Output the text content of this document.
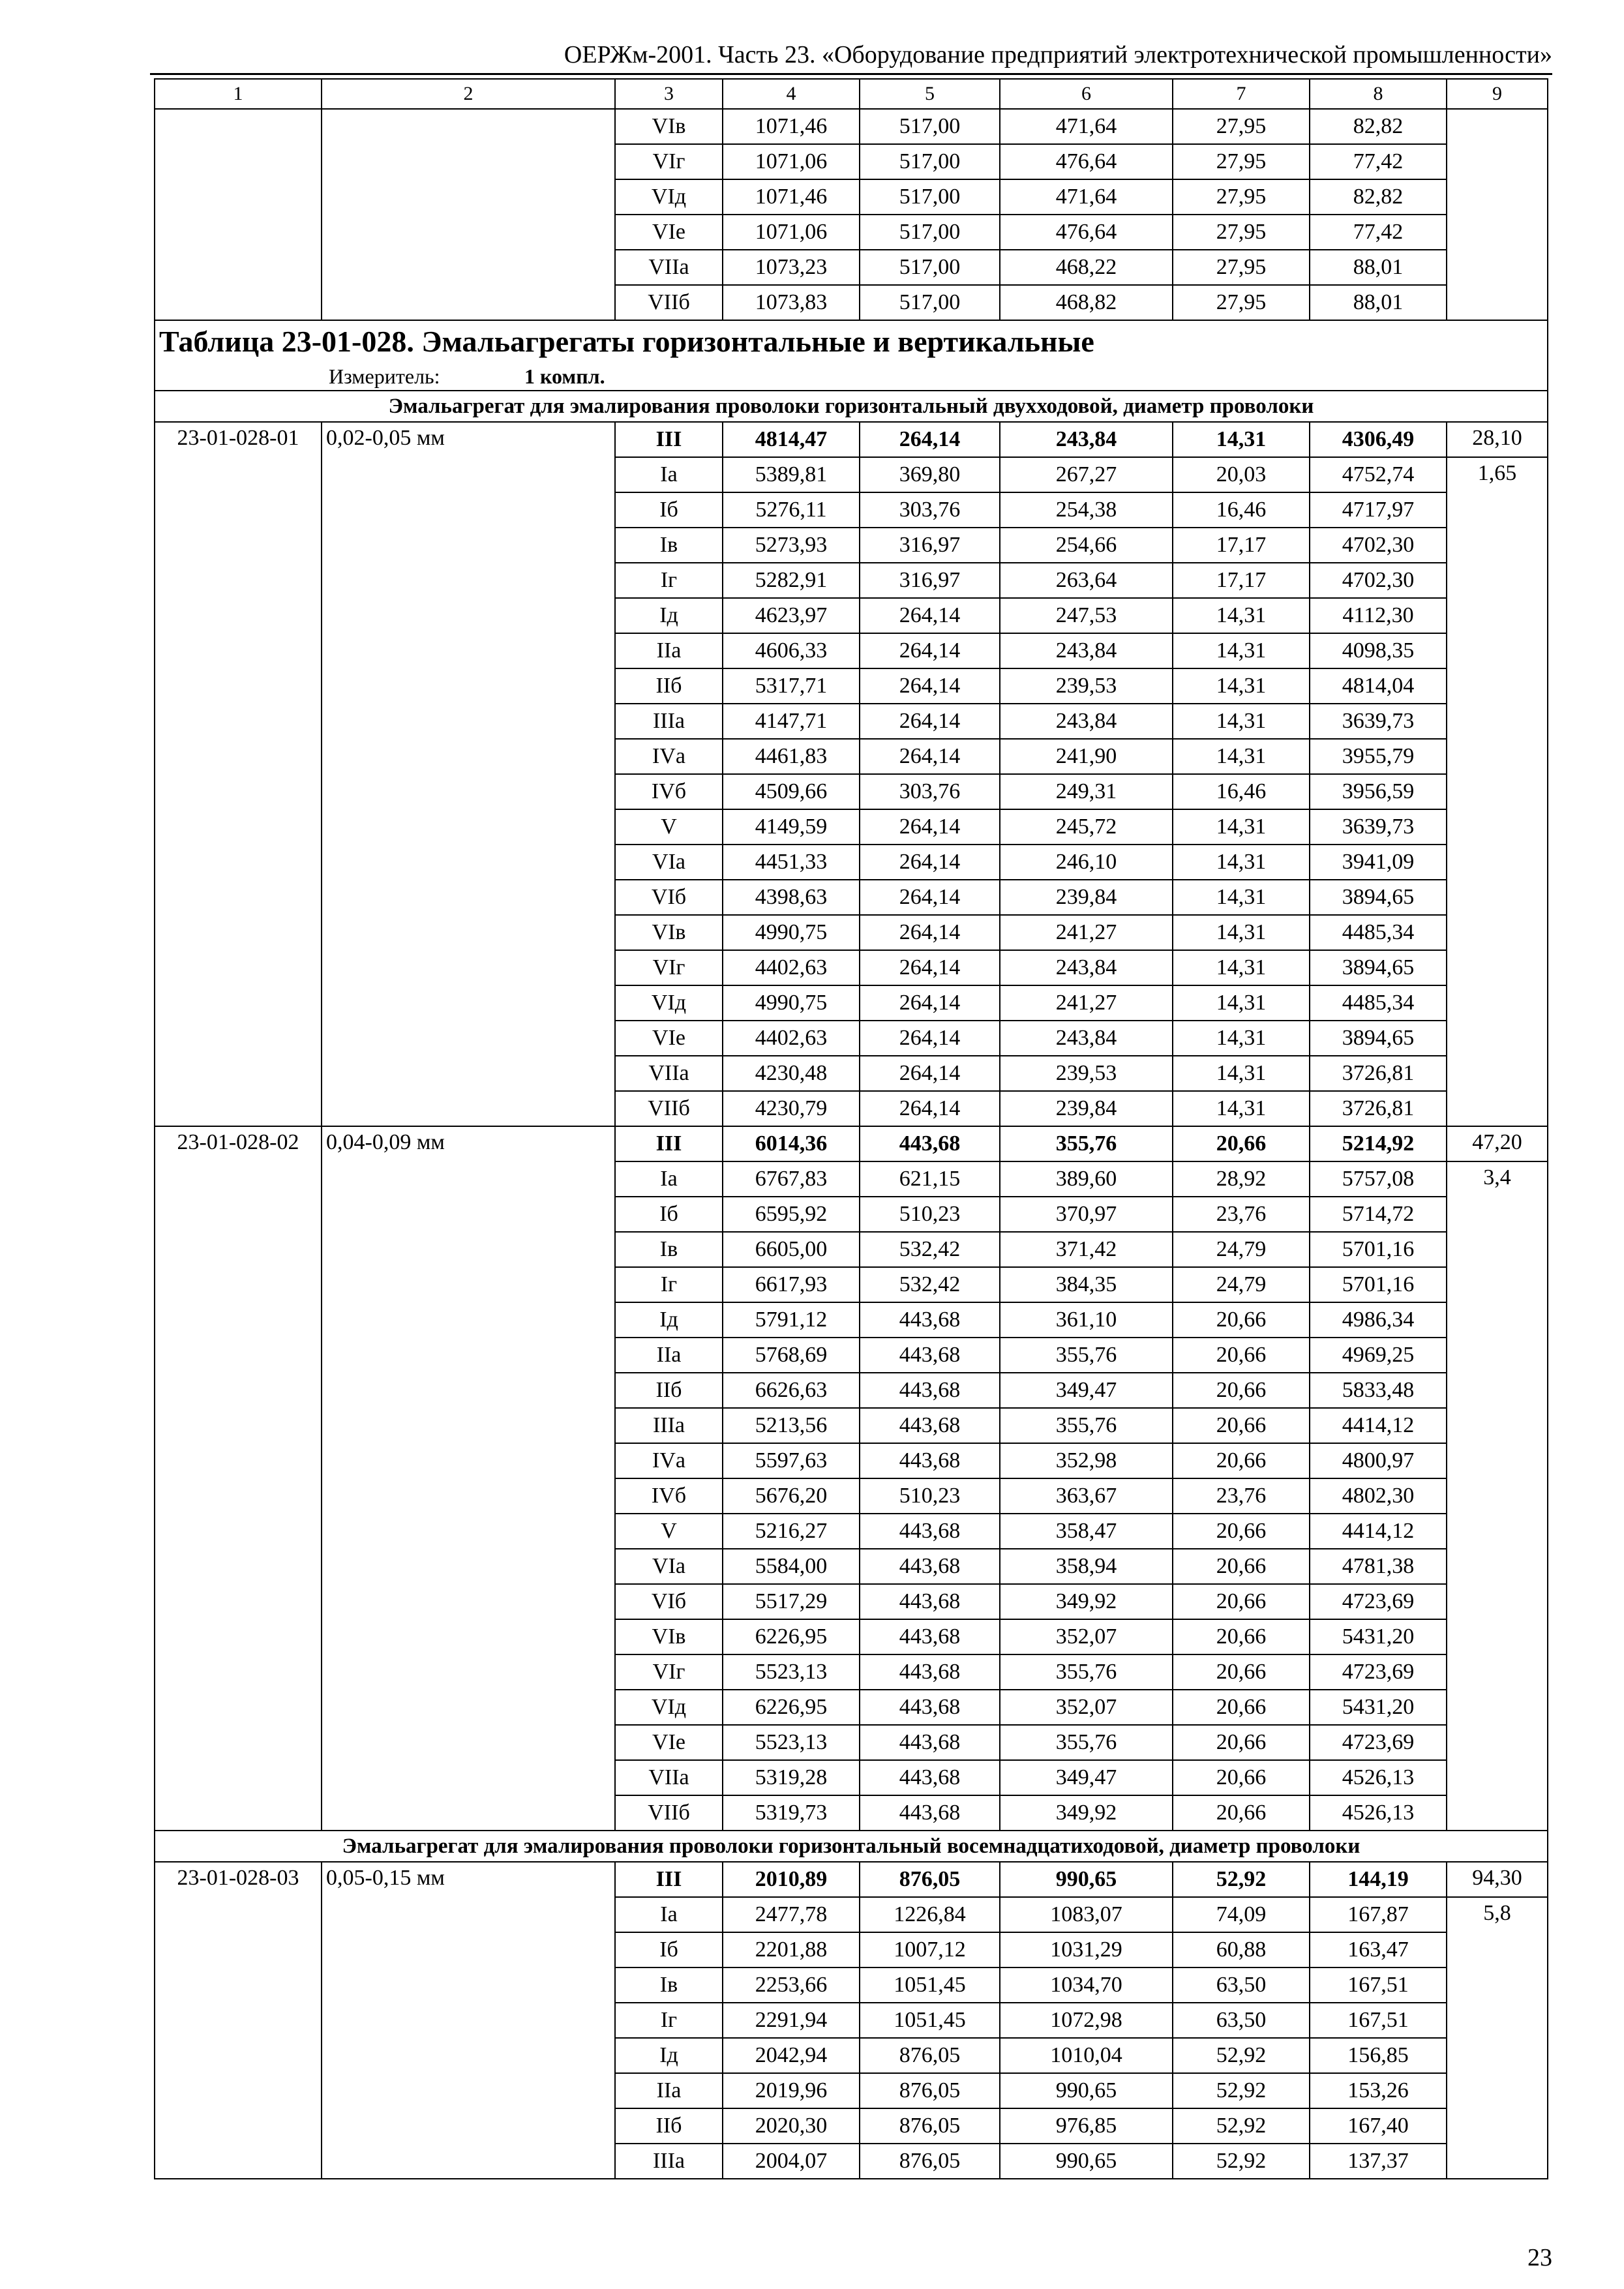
ОЕРЖм-2001. Часть 23. «Оборудование предприятий электротехнической промышленности»
1	2	3	4	5	6	7	8	9
		VIв	1071,46	517,00	471,64	27,95	82,82	
		VIг	1071,06	517,00	476,64	27,95	77,42	
		VIд	1071,46	517,00	471,64	27,95	82,82	
		VIе	1071,06	517,00	476,64	27,95	77,42	
		VIIа	1073,23	517,00	468,22	27,95	88,01	
		VIIб	1073,83	517,00	468,82	27,95	88,01	
Таблица 23-01-028. Эмальагрегаты горизонтальные и вертикальные								
Измеритель: 1 компл.								
Эмальагрегат для эмалирования проволоки горизонтальный двухходовой, диаметр проволоки								
23-01-028-01	0,02-0,05 мм	III	4814,47	264,14	243,84	14,31	4306,49	28,10
		Iа	5389,81	369,80	267,27	20,03	4752,74	1,65
		Iб	5276,11	303,76	254,38	16,46	4717,97	
		Iв	5273,93	316,97	254,66	17,17	4702,30	
		Iг	5282,91	316,97	263,64	17,17	4702,30	
		Iд	4623,97	264,14	247,53	14,31	4112,30	
		IIа	4606,33	264,14	243,84	14,31	4098,35	
		IIб	5317,71	264,14	239,53	14,31	4814,04	
		IIIа	4147,71	264,14	243,84	14,31	3639,73	
		IVа	4461,83	264,14	241,90	14,31	3955,79	
		IVб	4509,66	303,76	249,31	16,46	3956,59	
		V	4149,59	264,14	245,72	14,31	3639,73	
		VIа	4451,33	264,14	246,10	14,31	3941,09	
		VIб	4398,63	264,14	239,84	14,31	3894,65	
		VIв	4990,75	264,14	241,27	14,31	4485,34	
		VIг	4402,63	264,14	243,84	14,31	3894,65	
		VIд	4990,75	264,14	241,27	14,31	4485,34	
		VIе	4402,63	264,14	243,84	14,31	3894,65	
		VIIа	4230,48	264,14	239,53	14,31	3726,81	
		VIIб	4230,79	264,14	239,84	14,31	3726,81	
23-01-028-02	0,04-0,09 мм	III	6014,36	443,68	355,76	20,66	5214,92	47,20
		Iа	6767,83	621,15	389,60	28,92	5757,08	3,4
		Iб	6595,92	510,23	370,97	23,76	5714,72	
		Iв	6605,00	532,42	371,42	24,79	5701,16	
		Iг	6617,93	532,42	384,35	24,79	5701,16	
		Iд	5791,12	443,68	361,10	20,66	4986,34	
		IIа	5768,69	443,68	355,76	20,66	4969,25	
		IIб	6626,63	443,68	349,47	20,66	5833,48	
		IIIа	5213,56	443,68	355,76	20,66	4414,12	
		IVа	5597,63	443,68	352,98	20,66	4800,97	
		IVб	5676,20	510,23	363,67	23,76	4802,30	
		V	5216,27	443,68	358,47	20,66	4414,12	
		VIа	5584,00	443,68	358,94	20,66	4781,38	
		VIб	5517,29	443,68	349,92	20,66	4723,69	
		VIв	6226,95	443,68	352,07	20,66	5431,20	
		VIг	5523,13	443,68	355,76	20,66	4723,69	
		VIд	6226,95	443,68	352,07	20,66	5431,20	
		VIе	5523,13	443,68	355,76	20,66	4723,69	
		VIIа	5319,28	443,68	349,47	20,66	4526,13	
		VIIб	5319,73	443,68	349,92	20,66	4526,13	
Эмальагрегат для эмалирования проволоки горизонтальный восемнадцатиходовой, диаметр проволоки								
23-01-028-03	0,05-0,15 мм	III	2010,89	876,05	990,65	52,92	144,19	94,30
		Iа	2477,78	1226,84	1083,07	74,09	167,87	5,8
		Iб	2201,88	1007,12	1031,29	60,88	163,47	
		Iв	2253,66	1051,45	1034,70	63,50	167,51	
		Iг	2291,94	1051,45	1072,98	63,50	167,51	
		Iд	2042,94	876,05	1010,04	52,92	156,85	
		IIа	2019,96	876,05	990,65	52,92	153,26	
		IIб	2020,30	876,05	976,85	52,92	167,40	
		IIIа	2004,07	876,05	990,65	52,92	137,37	
23
